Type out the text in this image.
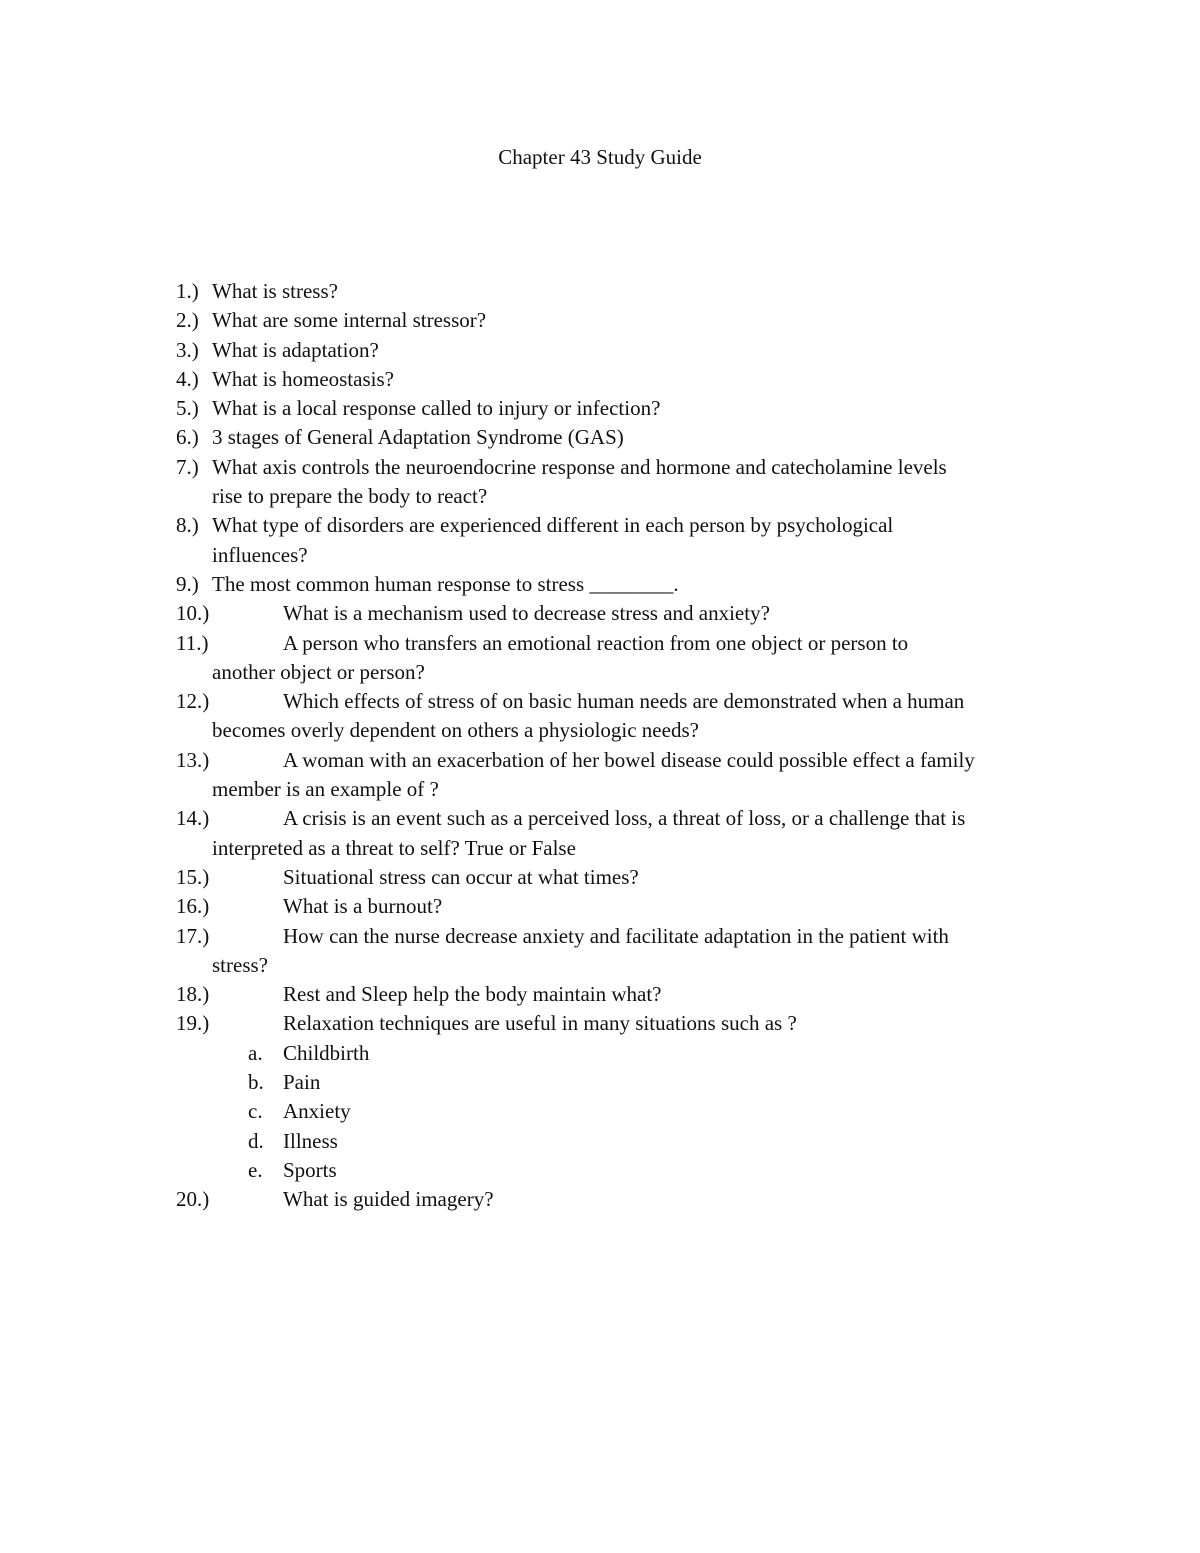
Chapter 43 Study Guide
1.) What is stress?
2.) What are some internal stressor?
3.) What is adaptation?
4.) What is homeostasis?
5.) What is a local response called to injury or infection?
6.) 3 stages of General Adaptation Syndrome (GAS)
7.) What axis controls the neuroendocrine response and hormone and catecholamine levels
rise to prepare the body to react?
8.) What type of disorders are experienced different in each person by psychological
influences?
9.) The most common human response to stress ________.
10.)	What is a mechanism used to decrease stress and anxiety?
11.)	A person who transfers an emotional reaction from one object or person to
another object or person?
12.)	Which effects of stress of on basic human needs are demonstrated when a human
becomes overly dependent on others a physiologic needs?
13.)	A woman with an exacerbation of her bowel disease could possible effect a family
member is an example of ?
14.)	A crisis is an event such as a perceived loss, a threat of loss, or a challenge that is
interpreted as a threat to self? True or False
15.)	Situational stress can occur at what times?
16.)	What is a burnout?
17.)	How can the nurse decrease anxiety and facilitate adaptation in the patient with
stress?
18.)	Rest and Sleep help the body maintain what?
19.)	Relaxation techniques are useful in many situations such as ?
a. Childbirth
b. Pain
c. Anxiety
d. Illness
e. Sports
20.)	What is guided imagery?
